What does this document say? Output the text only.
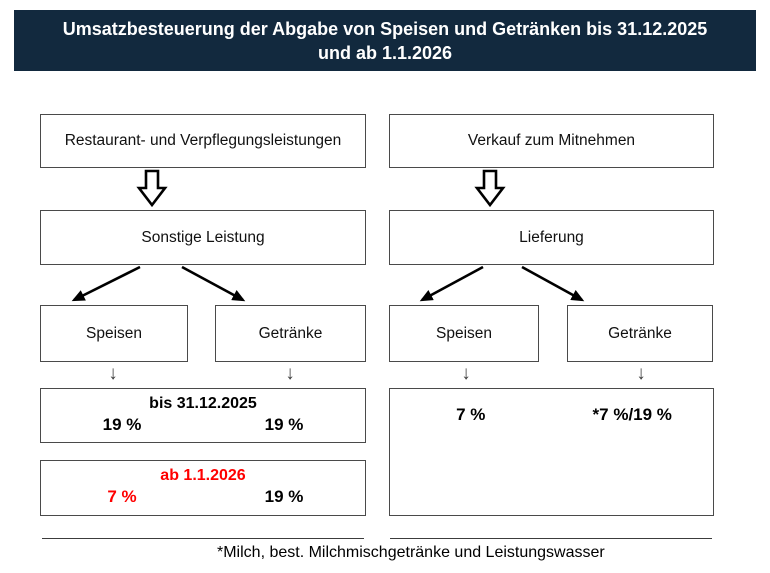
Umsatzbesteuerung der Abgabe von Speisen und Getränken bis 31.12.2025
und ab 1.1.2026
Restaurant- und Verpflegungsleistungen
Sonstige Leistung
Speisen	Getränke
↓	↓
bis 31.12.2025
19 %	19 %
ab 1.1.2026
7 %	19 %
Verkauf zum Mitnehmen
Lieferung
Speisen	Getränke
↓	↓
7 %	*7 %/19 %
*Milch, best. Milchmischgetränke und Leistungswasser
